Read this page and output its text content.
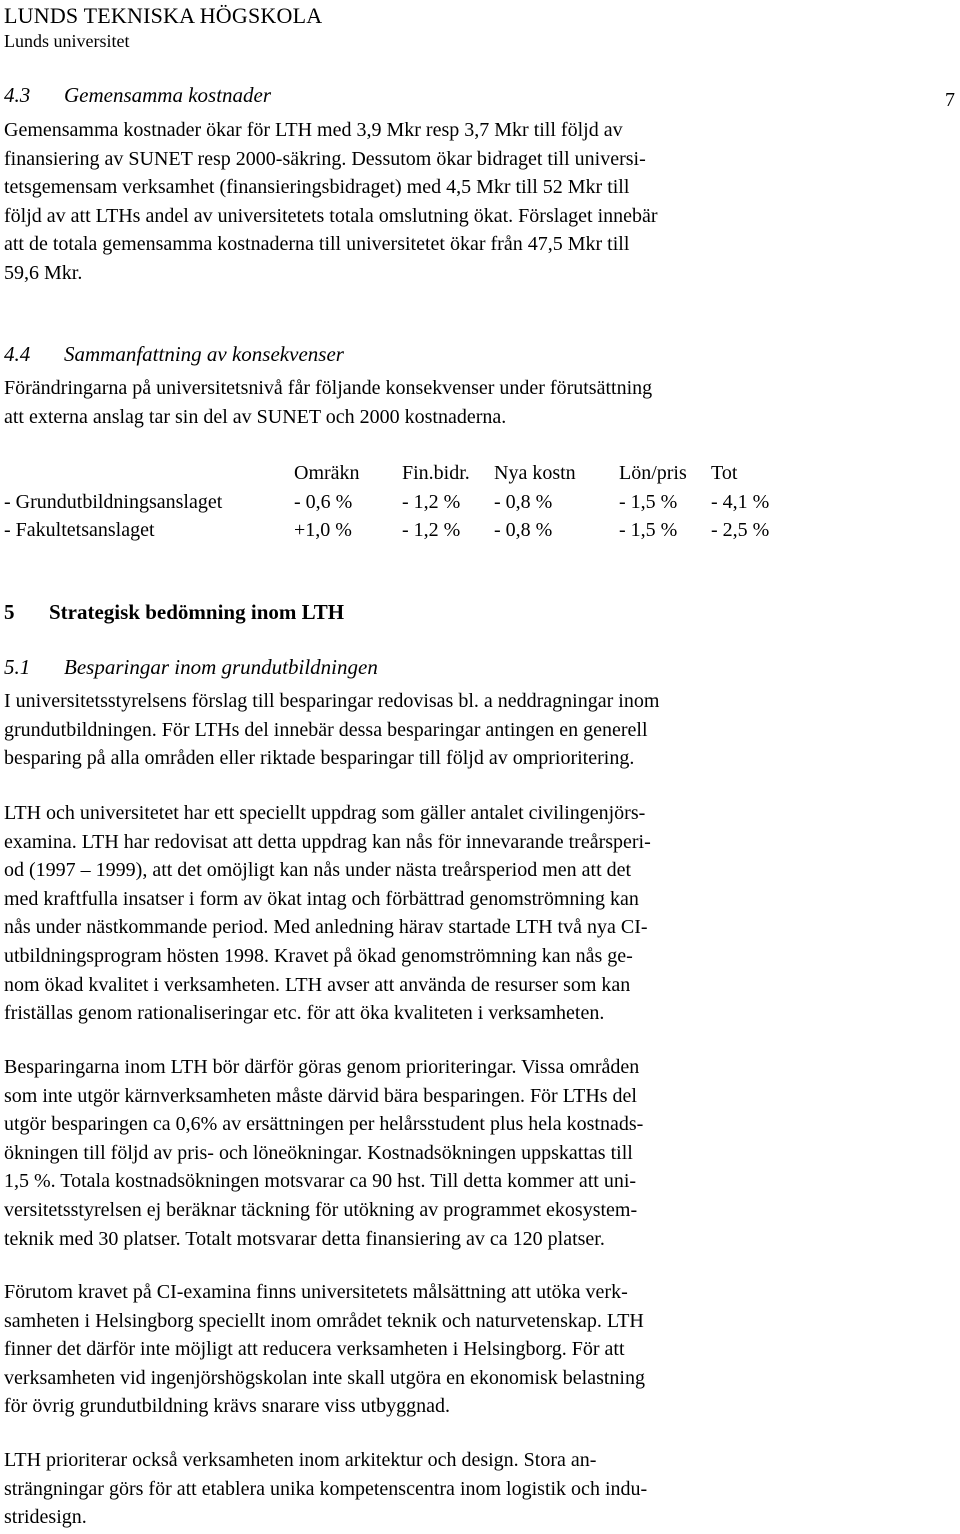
LUNDS TEKNISKA HÖGSKOLA
Lunds universitet
7
4.3 Gemensamma kostnader

Gemensamma kostnader ökar för LTH med 3,9 Mkr resp 3,7 Mkr till följd av

finansiering av SUNET resp 2000-säkring. Dessutom ökar bidraget till universi-

tetsgemensam verksamhet (finansieringsbidraget) med 4,5 Mkr till 52 Mkr till

följd av att LTHs andel av universitetets totala omslutning ökat. Förslaget innebär

att de totala gemensamma kostnaderna till universitetet ökar från 47,5 Mkr till

59,6 Mkr.

4.4 Sammanfattning av konsekvenser

Förändringarna på universitetsnivå får följande konsekvenser under förutsättning

att externa anslag tar sin del av SUNET och 2000 kostnaderna.

	Omräkn	Fin.bidr.	Nya kostn	Lön/pris	Tot
- Grundutbildningsanslaget	- 0,6 %	- 1,2 %	- 0,8 %	- 1,5 %	- 4,1 %
- Fakultetsanslaget	+1,0 %	- 1,2 %	- 0,8 %	- 1,5 %	- 2,5 %
5 Strategisk bedömning inom LTH
5.1 Besparingar inom grundutbildningen

I universitetsstyrelsens förslag till besparingar redovisas bl. a neddragningar inom

grundutbildningen. För LTHs del innebär dessa besparingar antingen en generell

besparing på alla områden eller riktade besparingar till följd av omprioritering.

LTH och universitetet har ett speciellt uppdrag som gäller antalet civilingenjörs-

examina. LTH har redovisat att detta uppdrag kan nås för innevarande treårsperi-

od (1997 – 1999), att det omöjligt kan nås under nästa treårsperiod men att det

med kraftfulla insatser i form av ökat intag och förbättrad genomströmning kan

nås under nästkommande period. Med anledning härav startade LTH två nya CI-

utbildningsprogram hösten 1998. Kravet på ökad genomströmning kan nås ge-

nom ökad kvalitet i verksamheten. LTH avser att använda de resurser som kan

friställas genom rationaliseringar etc. för att öka kvaliteten i verksamheten.

Besparingarna inom LTH bör därför göras genom prioriteringar. Vissa områden

som inte utgör kärnverksamheten måste därvid bära besparingen. För LTHs del

utgör besparingen ca 0,6% av ersättningen per helårsstudent plus hela kostnads-

ökningen till följd av pris- och löneökningar. Kostnadsökningen uppskattas till

1,5 %. Totala kostnadsökningen motsvarar ca 90 hst. Till detta kommer att uni-

versitetsstyrelsen ej beräknar täckning för utökning av programmet ekosystem-

teknik med 30 platser. Totalt motsvarar detta finansiering av ca 120 platser.

Förutom kravet på CI-examina finns universitetets målsättning att utöka verk-

samheten i Helsingborg speciellt inom området teknik och naturvetenskap. LTH

finner det därför inte möjligt att reducera verksamheten i Helsingborg. För att

verksamheten vid ingenjörshögskolan inte skall utgöra en ekonomisk belastning

för övrig grundutbildning krävs snarare viss utbyggnad.

LTH prioriterar också verksamheten inom arkitektur och design. Stora an-

strängningar görs för att etablera unika kompetenscentra inom logistik och indu-

stridesign.
